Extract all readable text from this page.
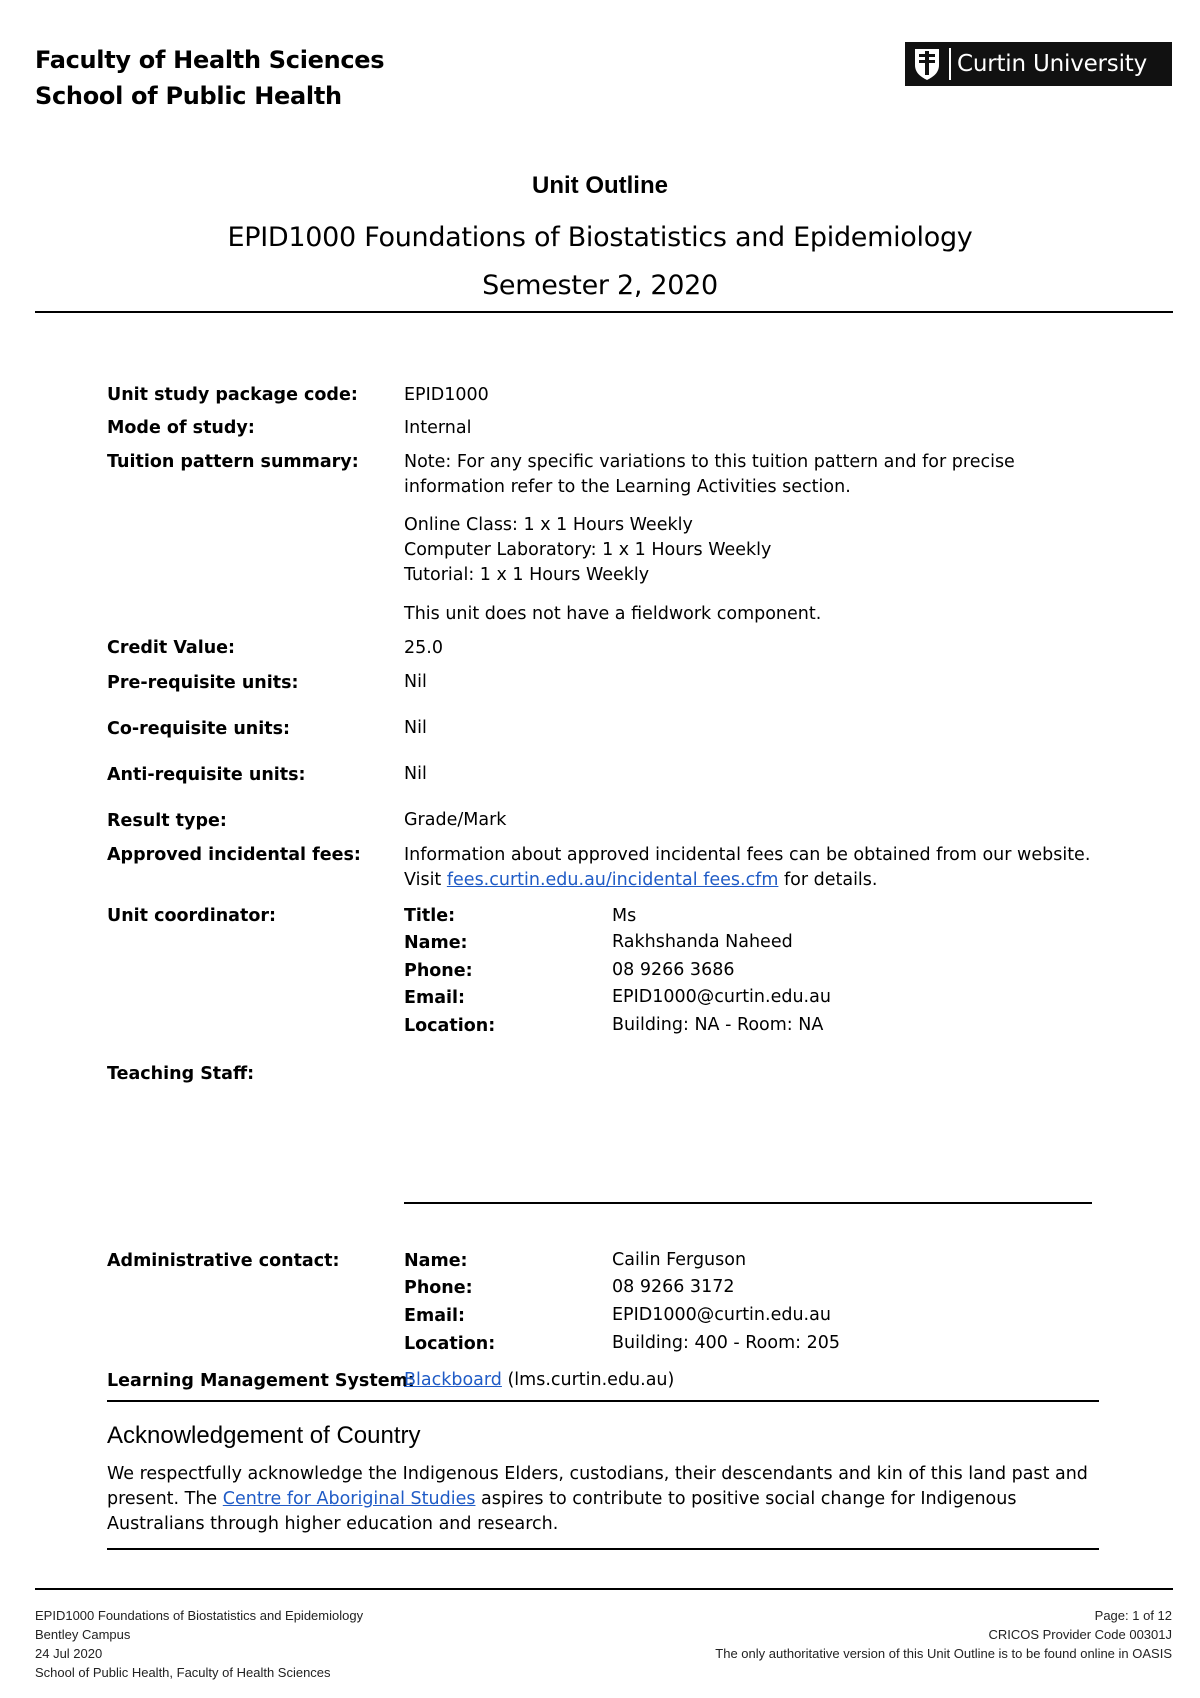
Faculty of Health Sciences
School of Public Health
Curtin University
Unit Outline
EPID1000 Foundations of Biostatistics and Epidemiology
Semester 2, 2020
Unit study package code:	EPID1000
Mode of study:	Internal
Tuition pattern summary:	Note: For any specific variations to this tuition pattern and for precise
information refer to the Learning Activities section.
Online Class: 1 x 1 Hours Weekly
Computer Laboratory: 1 x 1 Hours Weekly
Tutorial: 1 x 1 Hours Weekly
This unit does not have a fieldwork component.
Credit Value:	25.0
Pre-requisite units:	Nil
Co-requisite units:	Nil
Anti-requisite units:	Nil
Result type:	Grade/Mark
Approved incidental fees: Information about approved incidental fees can be obtained from our website.
Visit fees.curtin.edu.au/incidental fees.cfm for details.
Unit coordinator:	Title:	Ms
Name:	Rakhshanda Naheed
Phone:	08 9266 3686
Email:	EPID1000@curtin.edu.au
Location:	Building: NA - Room: NA
Teaching Staff:
Administrative contact:	Name:	Cailin Ferguson
Phone:	08 9266 3172
Email:	EPID1000@curtin.edu.au
Location:	Building: 400 - Room: 205
Learning Management System:
Blackboard (lms.curtin.edu.au)
Acknowledgement of Country
We respectfully acknowledge the Indigenous Elders, custodians, their descendants and kin of this land past and present. The Centre for Aboriginal Studies aspires to contribute to positive social change for Indigenous Australians through higher education and research.
EPID1000 Foundations of Biostatistics and Epidemiology
Bentley Campus
24 Jul 2020
School of Public Health, Faculty of Health Sciences
Page: 1 of 12
CRICOS Provider Code 00301J
The only authoritative version of this Unit Outline is to be found online in OASIS
